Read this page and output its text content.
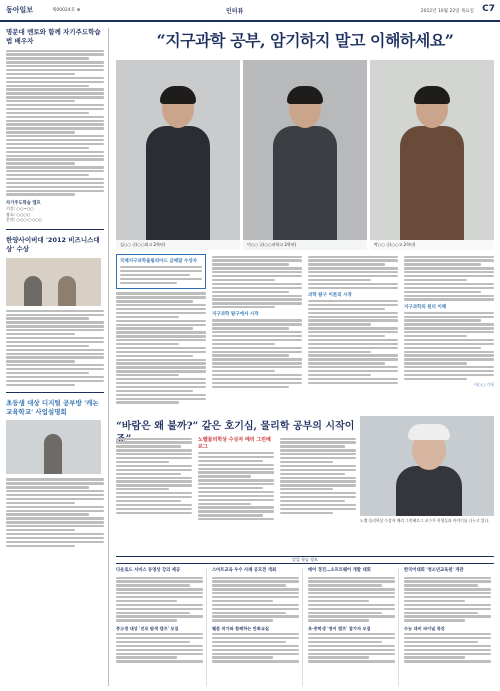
동아일보	제00024호 ⊕	인터뷰	2012년 10월 22일 목요일 C7
명문대 멘토와 함께 자기주도학습법 배우자
자기주도학습 캠프
기간: ○○~○○
장소: ○○○○
문의: ○○○-○○○○
한양사이버대 '2012 비즈니스대상' 수상
초등생 대상 디지털 공부방 '캐논교육학교' 사업설명회
“지구과학 공부, 암기하지 말고 이해하세요”
김○○ 군(○○외고 2학년)	이○○ 군(○○과학고 2학년)	박○○ 군(○○고 2학년)
국제지구과학올림피아드 금메달 수상자
지구과학 탐구에서 시작
과학 탐구 이론의 시작
지구과학의 원리 이해
이○○ 기자
“바람은 왜 불까?” 같은 호기심, 물리학 공부의 시작이
노벨물리학상 수상자 메리 그린베르그
노벨 물리학상 수상자 메리 그린베르그 교수가 학생들과 이야기를 나누고 있다.
알뜰 학습 정보
다운로드 서비스 동영상 강의 제공
중고생 대상 '진로 탐색 캠프' 모집
스마트교육 우수 사례 공모전 개최
웹툰 작가와 함께하는 만화교실
메어 경진…소프트웨어 개발 대회
초·중학생 '영어 캠프' 참가자 모집
한국어대회 '청소년교육원' 개관
수능 대비 파이널 특강
